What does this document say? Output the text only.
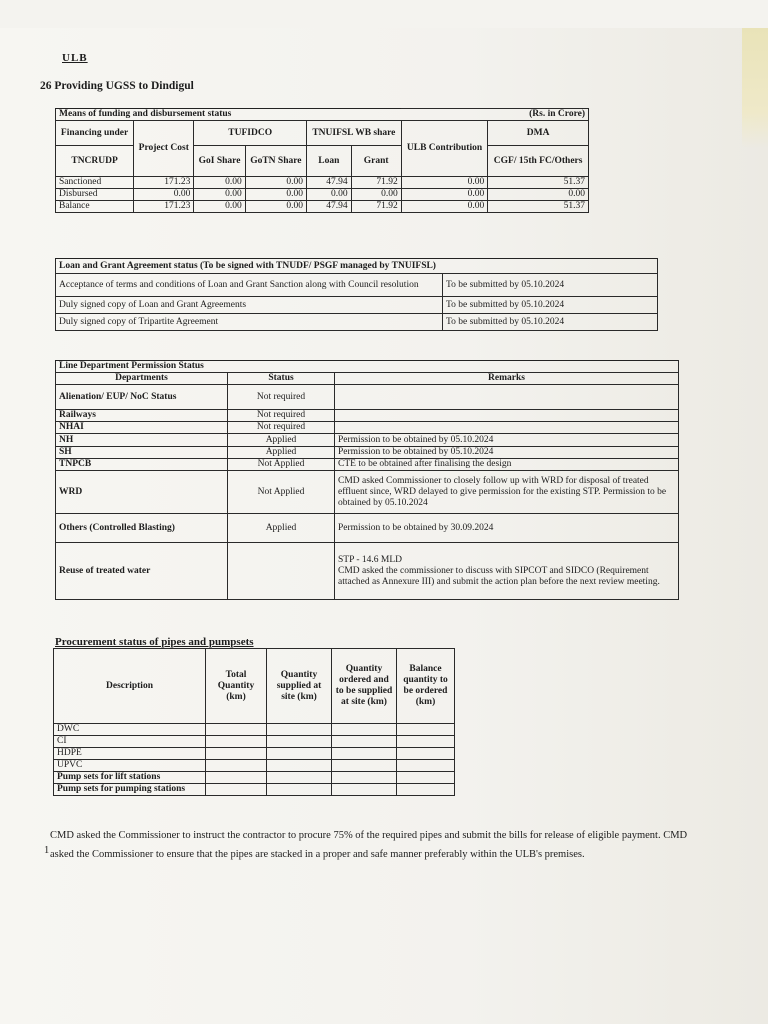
ULB
26 Providing UGSS to Dindigul
Means of funding and disbursement status						(Rs. in Crore)	
Financing under	Project Cost	TUFIDCO		TNUIFSL WB share		ULB Contribution	DMA
TNCRUDP		GoI Share	GoTN Share	Loan	Grant		CGF/ 15th FC/Others
Sanctioned	171.23	0.00	0.00	47.94	71.92	0.00	51.37
Disbursed	0.00	0.00	0.00	0.00	0.00	0.00	0.00
Balance	171.23	0.00	0.00	47.94	71.92	0.00	51.37
Loan and Grant Agreement status (To be signed with TNUDF/ PSGF managed by TNUIFSL)	
Acceptance of terms and conditions of Loan and Grant Sanction along with Council resolution	To be submitted by 05.10.2024
Duly signed copy of Loan and Grant Agreements	To be submitted by 05.10.2024
Duly signed copy of Tripartite Agreement	To be submitted by 05.10.2024
Line Department Permission Status		
Departments	Status	Remarks
Alienation/ EUP/ NoC Status	Not required	
Railways	Not required	
NHAI	Not required	
NH	Applied	Permission to be obtained by 05.10.2024
SH	Applied	Permission to be obtained by 05.10.2024
TNPCB	Not Applied	CTE to be obtained after finalising the design
WRD	Not Applied	CMD asked Commissioner to closely follow up with WRD for disposal of treated effluent since, WRD delayed to give permission for the existing STP. Permission to be obtained by 05.10.2024
Others (Controlled Blasting)	Applied	Permission to be obtained by 30.09.2024
Reuse of treated water		STP - 14.6 MLD
CMD asked the commissioner to discuss with SIPCOT and SIDCO (Requirement attached as Annexure III) and submit the action plan before the next review meeting.
Procurement status of pipes and pumpsets
Description	Total Quantity (km)	Quantity supplied at site (km)	Quantity ordered and to be supplied at site (km)	Balance quantity to be ordered (km)
DWC				
CI				
HDPE				
UPVC				
Pump sets for lift stations				
Pump sets for pumping stations				
1
CMD asked the Commissioner to instruct the contractor to procure 75% of the required pipes and submit the bills for release of eligible payment. CMD asked the Commissioner to ensure that the pipes are stacked in a proper and safe manner preferably within the ULB's premises.
